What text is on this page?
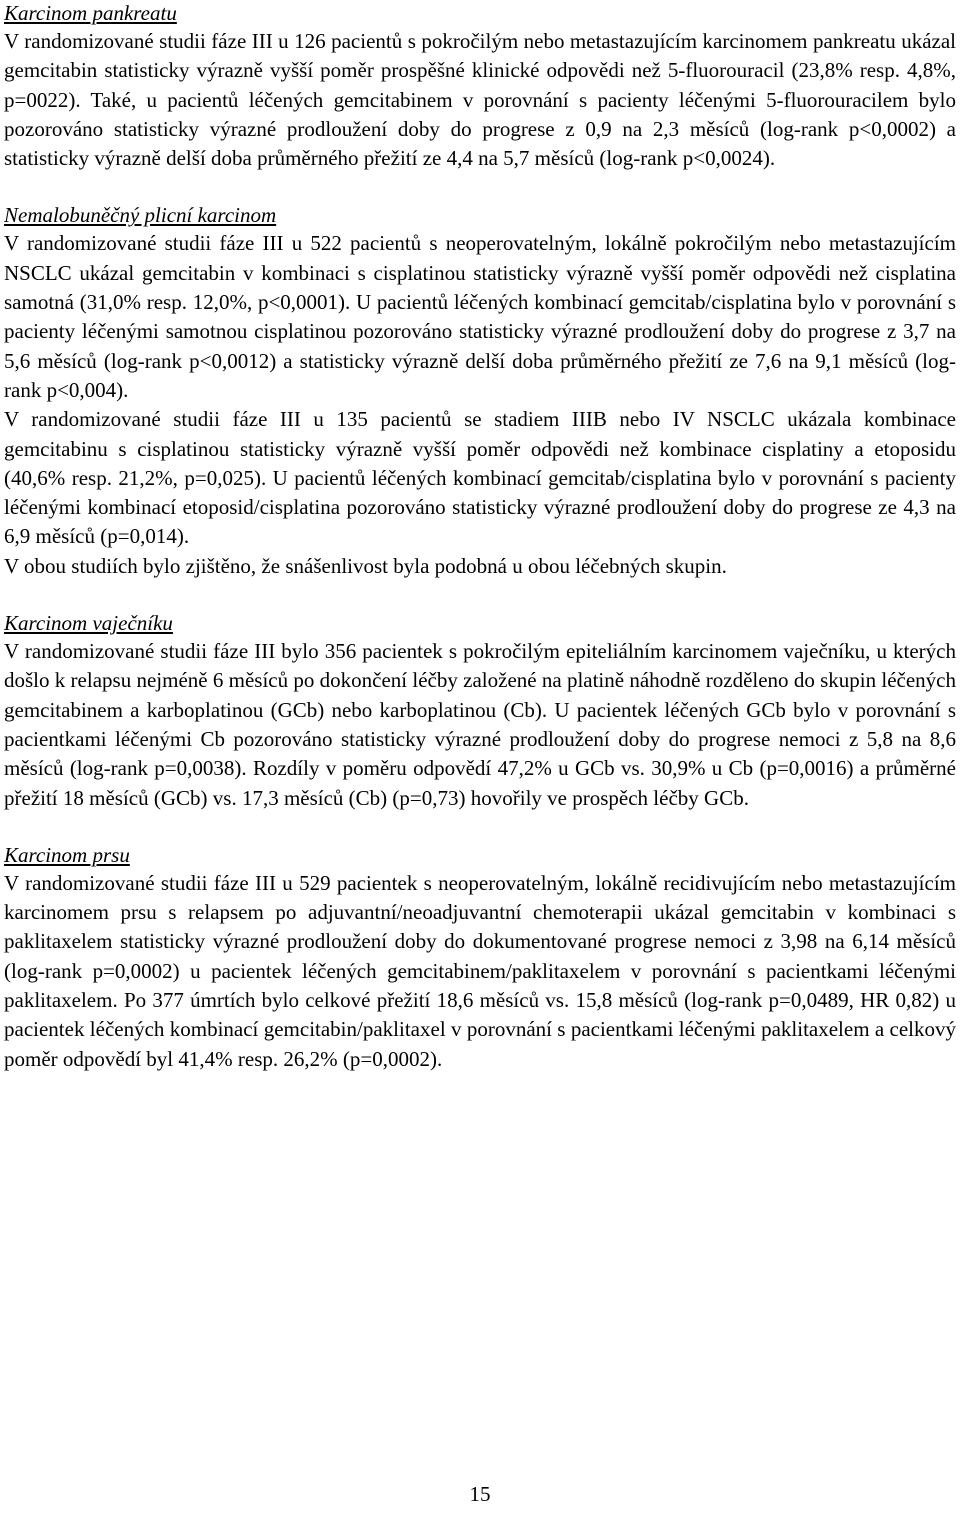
Karcinom pankreatu

V randomizované studii fáze III u 126 pacientů s pokročilým nebo metastazujícím karcinomem pankreatu ukázal gemcitabin statisticky výrazně vyšší poměr prospěšné klinické odpovědi než 5-fluorouracil (23,8% resp. 4,8%, p=0022). Také, u pacientů léčených gemcitabinem v porovnání s pacienty léčenými 5-fluorouracilem bylo pozorováno statisticky výrazné prodloužení doby do progrese z 0,9 na 2,3 měsíců (log-rank p<0,0002) a statisticky výrazně delší doba průměrného přežití ze 4,4 na 5,7 měsíců (log-rank p<0,0024).

Nemalobuněčný plicní karcinom

V randomizované studii fáze III u 522 pacientů s neoperovatelným, lokálně pokročilým nebo metastazujícím NSCLC ukázal gemcitabin v kombinaci s cisplatinou statisticky výrazně vyšší poměr odpovědi než cisplatina samotná (31,0% resp. 12,0%, p<0,0001). U pacientů léčených kombinací gemcitab/cisplatina bylo v porovnání s pacienty léčenými samotnou cisplatinou pozorováno statisticky výrazné prodloužení doby do progrese z 3,7 na 5,6 měsíců (log-rank p<0,0012) a statisticky výrazně delší doba průměrného přežití ze 7,6 na 9,1 měsíců (log-rank p<0,004).

V randomizované studii fáze III u 135 pacientů se stadiem IIIB nebo IV NSCLC ukázala kombinace gemcitabinu s cisplatinou statisticky výrazně vyšší poměr odpovědi než kombinace cisplatiny a etoposidu (40,6% resp. 21,2%, p=0,025). U pacientů léčených kombinací gemcitab/cisplatina bylo v porovnání s pacienty léčenými kombinací etoposid/cisplatina pozorováno statisticky výrazné prodloužení doby do progrese ze 4,3 na 6,9 měsíců (p=0,014).

V obou studiích bylo zjištěno, že snášenlivost byla podobná u obou léčebných skupin.

Karcinom vaječníku

V randomizované studii fáze III bylo 356 pacientek s pokročilým epiteliálním karcinomem vaječníku, u kterých došlo k relapsu nejméně 6 měsíců po dokončení léčby založené na platině náhodně rozděleno do skupin léčených gemcitabinem a karboplatinou (GCb) nebo karboplatinou (Cb). U pacientek léčených GCb bylo v porovnání s pacientkami léčenými Cb pozorováno statisticky výrazné prodloužení doby do progrese nemoci z 5,8 na 8,6 měsíců (log-rank p=0,0038). Rozdíly v poměru odpovědí 47,2% u GCb vs. 30,9% u Cb (p=0,0016) a průměrné přežití 18 měsíců (GCb) vs. 17,3 měsíců (Cb) (p=0,73) hovořily ve prospěch léčby GCb.

Karcinom prsu

V randomizované studii fáze III u 529 pacientek s neoperovatelným, lokálně recidivujícím nebo metastazujícím karcinomem prsu s relapsem po adjuvantní/neoadjuvantní chemoterapii ukázal gemcitabin v kombinaci s paklitaxelem statisticky výrazné prodloužení doby do dokumentované progrese nemoci z 3,98 na 6,14 měsíců (log-rank p=0,0002) u pacientek léčených gemcitabinem/paklitaxelem v porovnání s pacientkami léčenými paklitaxelem. Po 377 úmrtích bylo celkové přežití 18,6 měsíců vs. 15,8 měsíců (log-rank p=0,0489, HR 0,82) u pacientek léčených kombinací gemcitabin/paklitaxel v porovnání s pacientkami léčenými paklitaxelem a celkový poměr odpovědí byl 41,4% resp. 26,2% (p=0,0002).

15
